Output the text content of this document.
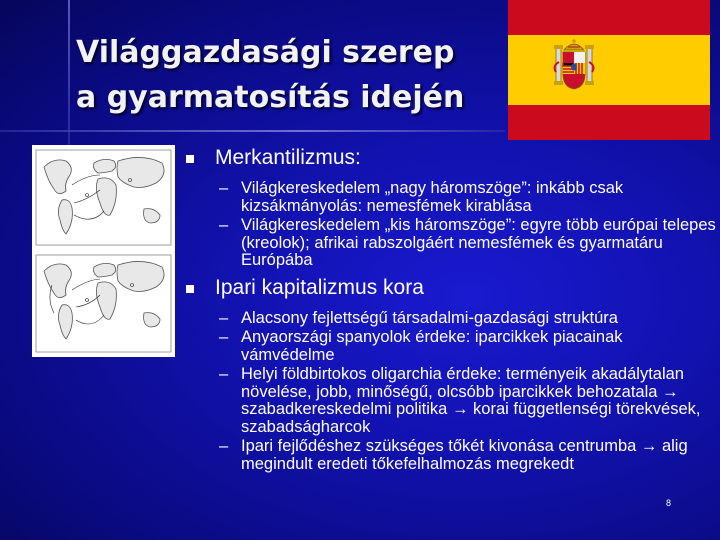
Világgazdasági szerep
a gyarmatosítás idején
Merkantilizmus:
– Világkereskedelem „nagy háromszöge”: inkább csak kizsákmányolás: nemesfémek kirablása
– Világkereskedelem „kis háromszöge”: egyre több európai telepes (kreolok); afrikai rabszolgáért nemesfémek és gyarmatáru Európába
Ipari kapitalizmus kora
– Alacsony fejlettségű társadalmi-gazdasági struktúra
– Anyaországi spanyolok érdeke: iparcikkek piacainak vámvédelme
– Helyi földbirtokos oligarchia érdeke: terményeik akadálytalan növelése, jobb, minőségű, olcsóbb iparcikkek behozatala → szabadkereskedelmi politika → korai függetlenségi törekvések, szabadságharcok
– Ipari fejlődéshez szükséges tőkét kivonása centrumba → alig megindult eredeti tőkefelhalmozás megrekedt
8
